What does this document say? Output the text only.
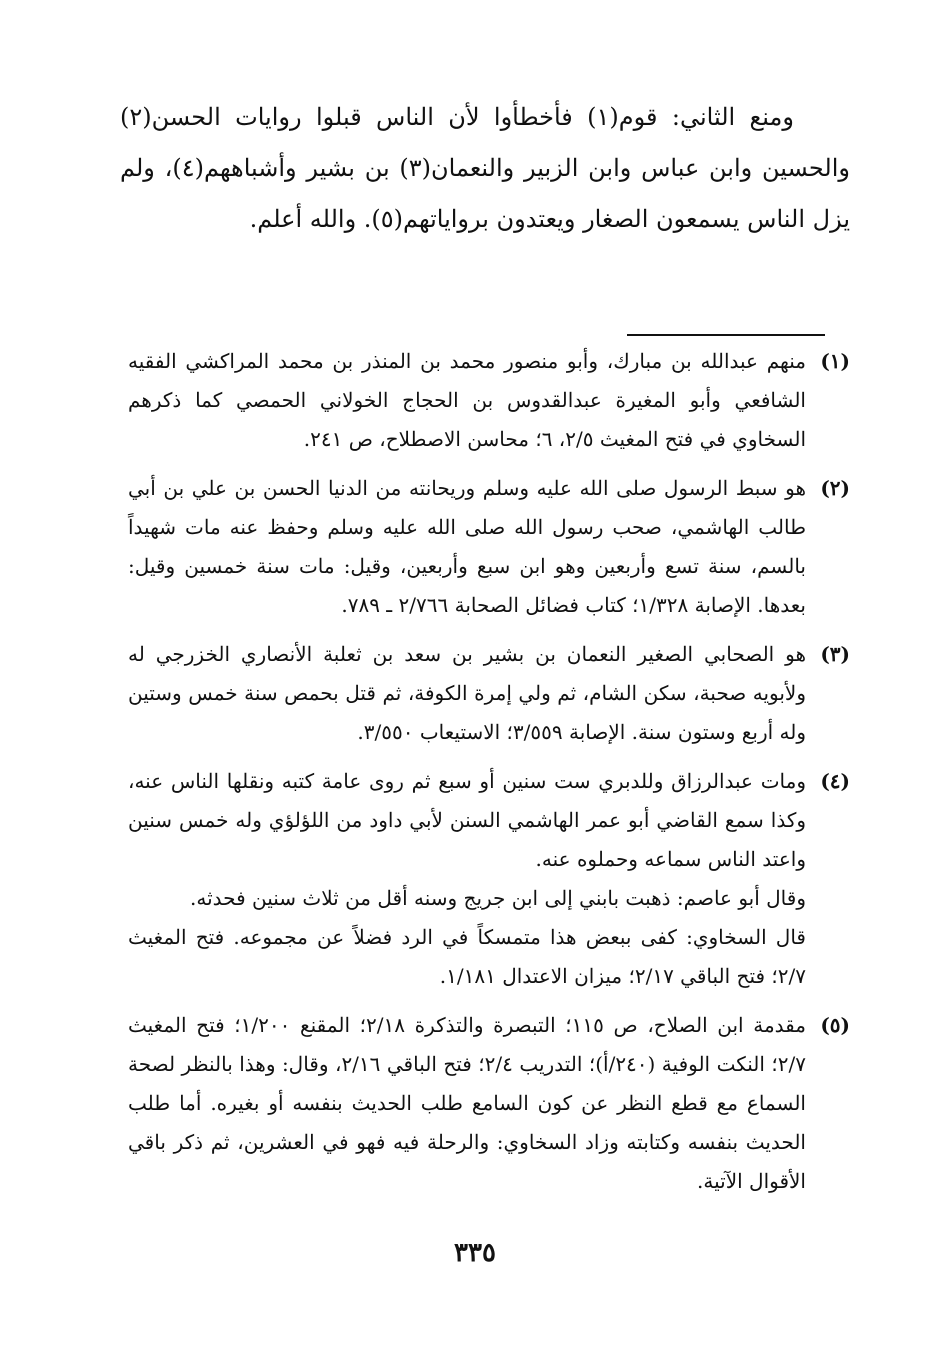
ومنع الثاني: قوم(١) فأخطأوا لأن الناس قبلوا روايات الحسن(٢) والحسين وابن عباس وابن الزبير والنعمان(٣) بن بشير وأشباههم(٤)، ولم يزل الناس يسمعون الصغار ويعتدون برواياتهم(٥). والله أعلم.

(١)

منهم عبدالله بن مبارك، وأبو منصور محمد بن المنذر بن محمد المراكشي الفقيه الشافعي وأبو المغيرة عبدالقدوس بن الحجاج الخولاني الحمصي كما ذكرهم السخاوي في فتح المغيث ٢/٥، ٦؛ محاسن الاصطلاح، ص ٢٤١.

(٢)

هو سبط الرسول صلى الله عليه وسلم وريحانته من الدنيا الحسن بن علي بن أبي طالب الهاشمي، صحب رسول الله صلى الله عليه وسلم وحفظ عنه مات شهيداً بالسم، سنة تسع وأربعين وهو ابن سبع وأربعين، وقيل: مات سنة خمسين وقيل: بعدها. الإصابة ١/٣٢٨؛ كتاب فضائل الصحابة ٢/٧٦٦ ـ ٧٨٩.

(٣)

هو الصحابي الصغير النعمان بن بشير بن سعد بن ثعلبة الأنصاري الخزرجي له ولأبويه صحبة، سكن الشام، ثم ولي إمرة الكوفة، ثم قتل بحمص سنة خمس وستين وله أربع وستون سنة. الإصابة ٣/٥٥٩؛ الاستيعاب ٣/٥٥٠.

(٤)

ومات عبدالرزاق وللدبري ست سنين أو سبع ثم روى عامة كتبه ونقلها الناس عنه، وكذا سمع القاضي أبو عمر الهاشمي السنن لأبي داود من اللؤلؤي وله خمس سنين واعتد الناس سماعه وحملوه عنه.

وقال أبو عاصم: ذهبت بابني إلى ابن جريج وسنه أقل من ثلاث سنين فحدثه.

قال السخاوي: كفى ببعض هذا متمسكاً في الرد فضلاً عن مجموعه. فتح المغيث ٢/٧؛ فتح الباقي ٢/١٧؛ ميزان الاعتدال ١/١٨١.

(٥)

مقدمة ابن الصلاح، ص ١١٥؛ التبصرة والتذكرة ٢/١٨؛ المقنع ١/٢٠٠؛ فتح المغيث ٢/٧؛ النكت الوفية (٢٤٠/أ)؛ التدريب ٢/٤؛ فتح الباقي ٢/١٦، وقال: وهذا بالنظر لصحة السماع مع قطع النظر عن كون السامع طلب الحديث بنفسه أو بغيره. أما طلب الحديث بنفسه وكتابته وزاد السخاوي: والرحلة فيه فهو في العشرين، ثم ذكر باقي الأقوال الآتية.

٣٣٥
